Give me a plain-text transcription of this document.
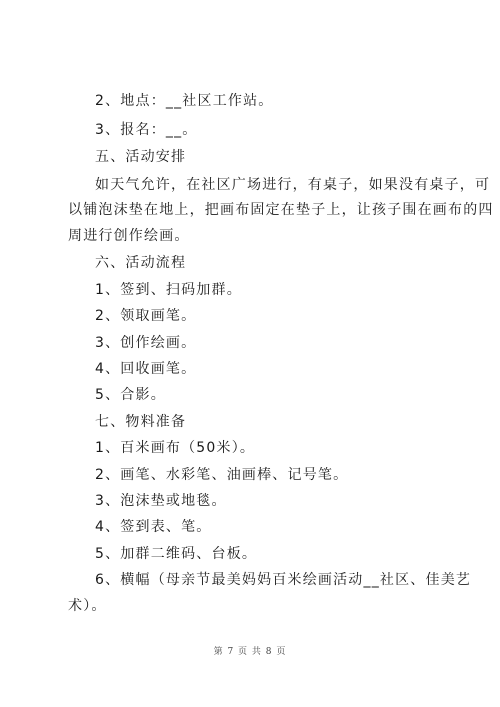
2、地点：__社区工作站。
3、报名：__。
五、活动安排
如天气允许，在社区广场进行，有桌子，如果没有桌子，可
以铺泡沫垫在地上，把画布固定在垫子上，让孩子围在画布的四
周进行创作绘画。
六、活动流程
1、签到、扫码加群。
2、领取画笔。
3、创作绘画。
4、回收画笔。
5、合影。
七、物料准备
1、百米画布（50米）。
2、画笔、水彩笔、油画棒、记号笔。
3、泡沫垫或地毯。
4、签到表、笔。
5、加群二维码、台板。
6、横幅（母亲节最美妈妈百米绘画活动__社区、佳美艺
术）。
第 7 页 共 8 页
